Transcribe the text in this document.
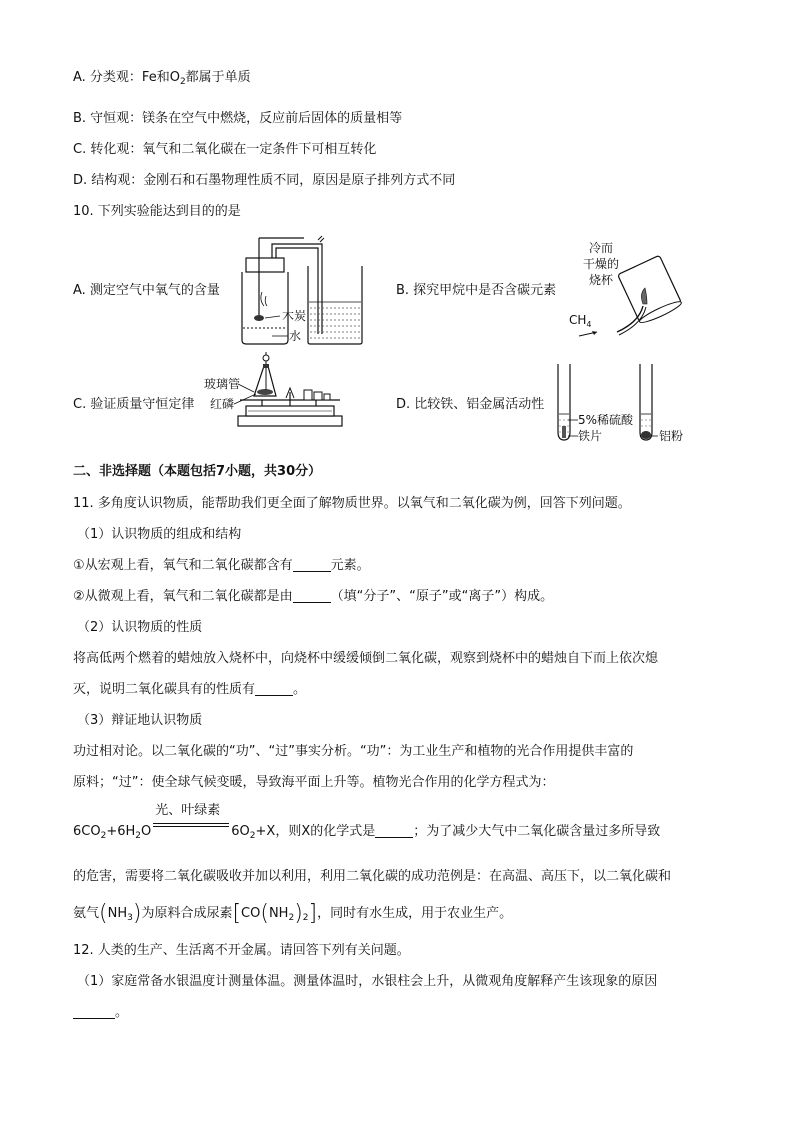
A. 分类观：Fe和$O_2$都属于单质
B. 守恒观：镁条在空气中燃烧，反应前后固体的质量相等
C. 转化观：氧气和二氧化碳在一定条件下可相互转化
D. 结构观：金刚石和石墨物理性质不同，原因是原子排列方式不同
10. 下列实验能达到目的的是
A. 测定空气中氧气的含量	B. 探究甲烷中是否含碳元素
C. 验证质量守恒定律	D. 比较铁、铝金属活动性
木炭
水
冷而
干燥的
烧杯
$CH_4$
玻璃管
红磷
5%稀硫酸
铁片	铝粉
二、非选择题（本题包括7小题，共30分）
11. 多角度认识物质，能帮助我们更全面了解物质世界。以氧气和二氧化碳为例，回答下列问题。
（1）认识物质的组成和结构
①从宏观上看，氧气和二氧化碳都含有	元素。
②从微观上看，氧气和二氧化碳都是由	（填“分子”、“原子”或“离子”）构成。
（2）认识物质的性质
将高低两个燃着的蜡烛放入烧杯中，向烧杯中缓缓倾倒二氧化碳，观察到烧杯中的蜡烛自下而上依次熄
灭，说明二氧化碳具有的性质有	。
（3）辩证地认识物质
功过相对论。以二氧化碳的“功”、“过”事实分析。“功”：为工业生产和植物的光合作用提供丰富的
原料；“过”：使全球气候变暖，导致海平面上升等。植物光合作用的化学方程式为：
$6CO_2+6H_2O$
光、叶绿素
$6O_2+X$，则X的化学式是	；为了减少大气中二氧化碳含量过多所导致
的危害，需要将二氧化碳吸收并加以利用，利用二氧化碳的成功范例是：在高温、高压下，以二氧化碳和
氨气$(NH_3)$为原料合成尿素$[CO(NH_2)_2]$，同时有水生成，用于农业生产。
12. 人类的生产、生活离不开金属。请回答下列有关问题。
（1）家庭常备水银温度计测量体温。测量体温时，水银柱会上升，从微观角度解释产生该现象的原因
。
